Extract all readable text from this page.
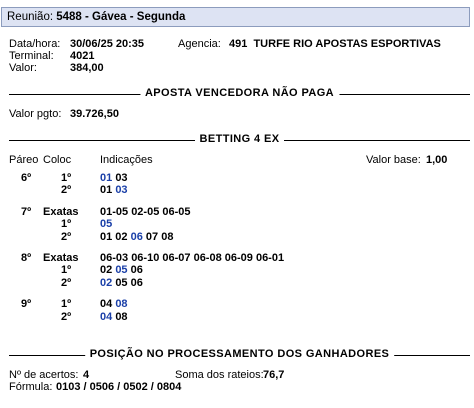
Reunião: 5488 - Gávea - Segunda
Data/hora: 30/06/25 20:35	Agencia: 491  TURFE RIO APOSTAS ESPORTIVAS
Terminal: 4021
Valor:	384,00
APOSTA VENCEDORA NÃO PAGA
Valor pgto: 39.726,50
BETTING 4 EX
Páreo Coloc	Indicações	Valor base: 1,00
6º	1º	01 03
2º	01 03
7º Exatas 01-05 02-05 06-05
1º	05
2º	01 02 06 07 08
8º Exatas 06-03 06-10 06-07 06-08 06-09 06-01
1º	02 05 06
2º	02 05 06
9º	1º	04 08
2º	04 08
POSIÇÃO NO PROCESSAMENTO DOS GANHADORES
Nº de acertos: 4	Soma dos rateios: 76,7
Fórmula: 0103 / 0506 / 0502 / 0804
